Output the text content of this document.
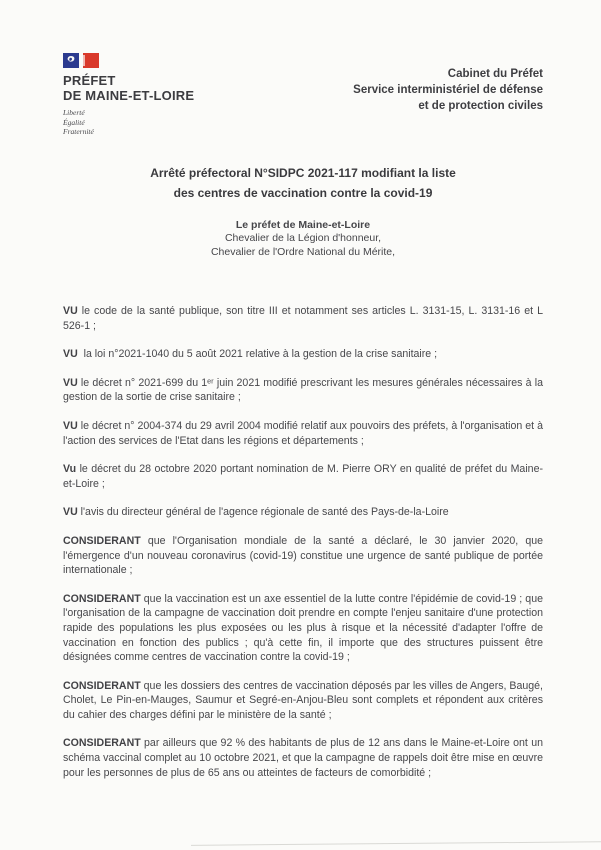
PRÉFET
DE MAINE-ET-LOIRE
Liberté
Égalité
Fraternité
Cabinet du Préfet
Service interministériel de défense
et de protection civiles
Arrêté préfectoral N°SIDPC 2021-117 modifiant la liste
des centres de vaccination contre la covid-19
Le préfet de Maine-et-Loire
Chevalier de la Légion d'honneur,
Chevalier de l'Ordre National du Mérite,

VU le code de la santé publique, son titre III et notamment ses articles L. 3131-15, L. 3131-16 et L 526-1 ;

VU la loi n°2021-1040 du 5 août 2021 relative à la gestion de la crise sanitaire ;

VU le décret n° 2021-699 du 1ᵉʳ juin 2021 modifié prescrivant les mesures générales nécessaires à la gestion de la sortie de crise sanitaire ;

VU le décret n° 2004-374 du 29 avril 2004 modifié relatif aux pouvoirs des préfets, à l'organisation et à l'action des services de l'Etat dans les régions et départements ;

Vu le décret du 28 octobre 2020 portant nomination de M. Pierre ORY en qualité de préfet du Maine-et-Loire ;

VU l'avis du directeur général de l'agence régionale de santé des Pays-de-la-Loire

CONSIDERANT que l'Organisation mondiale de la santé a déclaré, le 30 janvier 2020, que l'émergence d'un nouveau coronavirus (covid-19) constitue une urgence de santé publique de portée internationale ;

CONSIDERANT que la vaccination est un axe essentiel de la lutte contre l'épidémie de covid-19 ; que l'organisation de la campagne de vaccination doit prendre en compte l'enjeu sanitaire d'une protection rapide des populations les plus exposées ou les plus à risque et la nécessité d'adapter l'offre de vaccination en fonction des publics ; qu'à cette fin, il importe que des structures puissent être désignées comme centres de vaccination contre la covid-19 ;

CONSIDERANT que les dossiers des centres de vaccination déposés par les villes de Angers, Baugé, Cholet, Le Pin-en-Mauges, Saumur et Segré-en-Anjou-Bleu sont complets et répondent aux critères du cahier des charges défini par le ministère de la santé ;

CONSIDERANT par ailleurs que 92 % des habitants de plus de 12 ans dans le Maine-et-Loire ont un schéma vaccinal complet au 10 octobre 2021, et que la campagne de rappels doit être mise en œuvre pour les personnes de plus de 65 ans ou atteintes de facteurs de comorbidité ;
